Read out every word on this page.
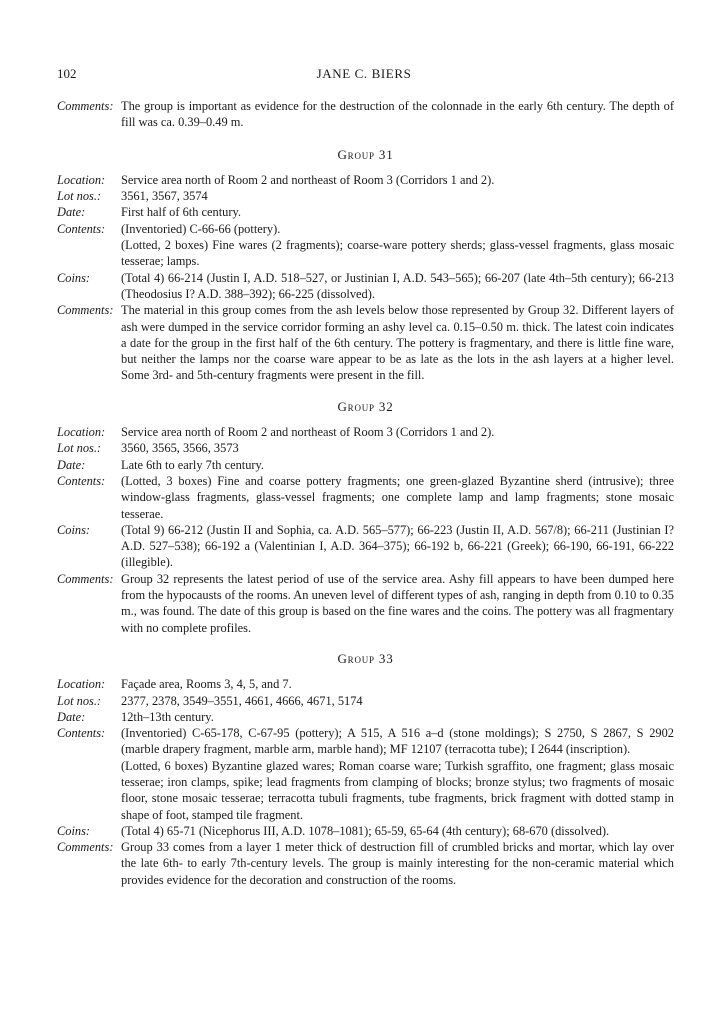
102	JANE C. BIERS
Comments: The group is important as evidence for the destruction of the colonnade in the early 6th century. The depth of fill was ca. 0.39–0.49 m.
Group 31
Location:	Service area north of Room 2 and northeast of Room 3 (Corridors 1 and 2).
Lot nos.:	3561, 3567, 3574
Date:	First half of 6th century.
Contents:	(Inventoried) C-66-66 (pottery).
(Lotted, 2 boxes) Fine wares (2 fragments); coarse-ware pottery sherds; glass-vessel fragments, glass mosaic tesserae; lamps.
Coins:	(Total 4) 66-214 (Justin I, A.D. 518–527, or Justinian I, A.D. 543–565); 66-207 (late 4th–5th century); 66-213 (Theodosius I? A.D. 388–392); 66-225 (dissolved).
Comments: The material in this group comes from the ash levels below those represented by Group 32. Different layers of ash were dumped in the service corridor forming an ashy level ca. 0.15–0.50 m. thick. The latest coin indicates a date for the group in the first half of the 6th century. The pottery is fragmentary, and there is little fine ware, but neither the lamps nor the coarse ware appear to be as late as the lots in the ash layers at a higher level. Some 3rd- and 5th-century fragments were present in the fill.
Group 32
Location:	Service area north of Room 2 and northeast of Room 3 (Corridors 1 and 2).
Lot nos.:	3560, 3565, 3566, 3573
Date:	Late 6th to early 7th century.
Contents:	(Lotted, 3 boxes) Fine and coarse pottery fragments; one green-glazed Byzantine sherd (intrusive); three window-glass fragments, glass-vessel fragments; one complete lamp and lamp fragments; stone mosaic tesserae.
Coins:	(Total 9) 66-212 (Justin II and Sophia, ca. A.D. 565–577); 66-223 (Justin II, A.D. 567/8); 66-211 (Justinian I? A.D. 527–538); 66-192 a (Valentinian I, A.D. 364–375); 66-192 b, 66-221 (Greek); 66-190, 66-191, 66-222 (illegible).
Comments: Group 32 represents the latest period of use of the service area. Ashy fill appears to have been dumped here from the hypocausts of the rooms. An uneven level of different types of ash, ranging in depth from 0.10 to 0.35 m., was found. The date of this group is based on the fine wares and the coins. The pottery was all fragmentary with no complete profiles.
Group 33
Location:	Façade area, Rooms 3, 4, 5, and 7.
Lot nos.:	2377, 2378, 3549–3551, 4661, 4666, 4671, 5174
Date:	12th–13th century.
Contents:	(Inventoried) C-65-178, C-67-95 (pottery); A 515, A 516 a–d (stone moldings); S 2750, S 2867, S 2902 (marble drapery fragment, marble arm, marble hand); MF 12107 (terracotta tube); I 2644 (inscription).
(Lotted, 6 boxes) Byzantine glazed wares; Roman coarse ware; Turkish sgraffito, one fragment; glass mosaic tesserae; iron clamps, spike; lead fragments from clamping of blocks; bronze stylus; two fragments of mosaic floor, stone mosaic tesserae; terracotta tubuli fragments, tube fragments, brick fragment with dotted stamp in shape of foot, stamped tile fragment.
Coins:	(Total 4) 65-71 (Nicephorus III, A.D. 1078–1081); 65-59, 65-64 (4th century); 68-670 (dissolved).
Comments: Group 33 comes from a layer 1 meter thick of destruction fill of crumbled bricks and mortar, which lay over the late 6th- to early 7th-century levels. The group is mainly interesting for the non-ceramic material which provides evidence for the decoration and construction of the rooms.
